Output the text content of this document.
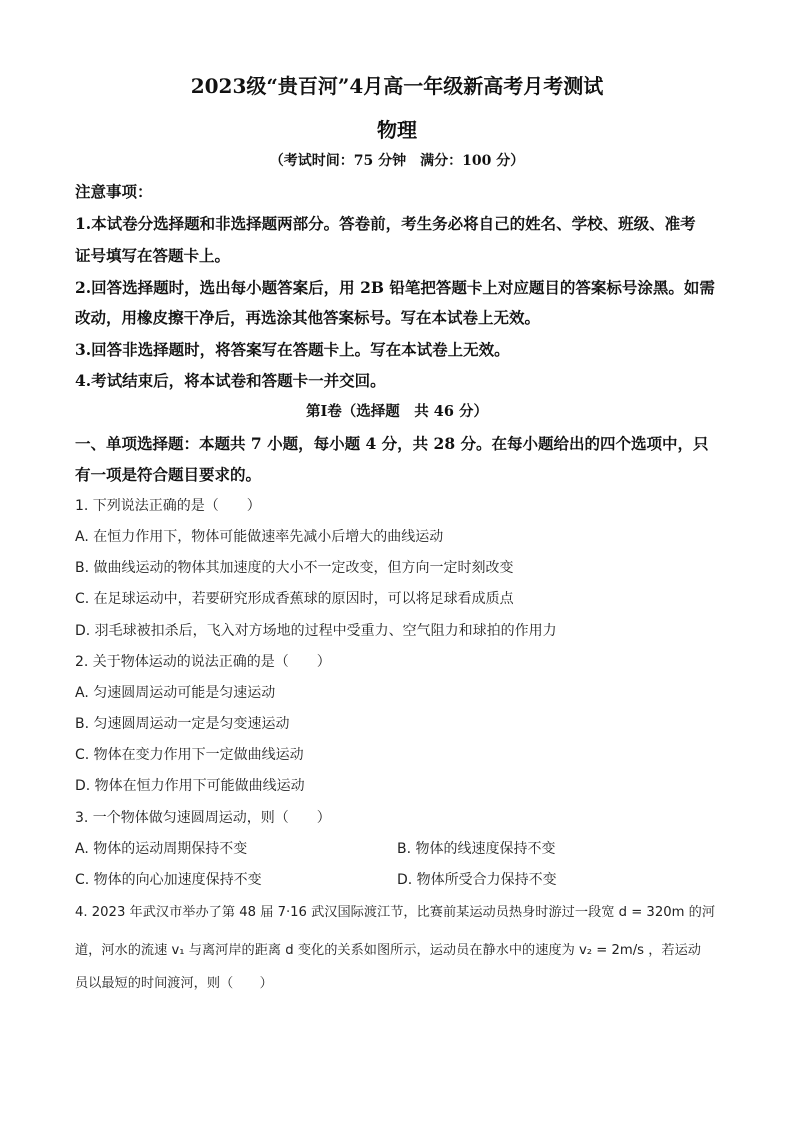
2023级“贵百河”4月高一年级新高考月考测试
物理
（考试时间：75 分钟　满分：100 分）
注意事项：
1.本试卷分选择题和非选择题两部分。答卷前，考生务必将自己的姓名、学校、班级、准考
证号填写在答题卡上。
2.回答选择题时，选出每小题答案后，用 2B 铅笔把答题卡上对应题目的答案标号涂黑。如需
改动，用橡皮擦干净后，再选涂其他答案标号。写在本试卷上无效。
3.回答非选择题时，将答案写在答题卡上。写在本试卷上无效。
4.考试结束后，将本试卷和答题卡一并交回。
第Ⅰ卷（选择题　共 46 分）
一、单项选择题：本题共 7 小题，每小题 4 分，共 28 分。在每小题给出的四个选项中，只
有一项是符合题目要求的。
1. 下列说法正确的是（　　）
A. 在恒力作用下，物体可能做速率先减小后增大的曲线运动
B. 做曲线运动的物体其加速度的大小不一定改变，但方向一定时刻改变
C. 在足球运动中，若要研究形成香蕉球的原因时，可以将足球看成质点
D. 羽毛球被扣杀后，飞入对方场地的过程中受重力、空气阻力和球拍的作用力
2. 关于物体运动的说法正确的是（　　）
A. 匀速圆周运动可能是匀速运动
B. 匀速圆周运动一定是匀变速运动
C. 物体在变力作用下一定做曲线运动
D. 物体在恒力作用下可能做曲线运动
3. 一个物体做匀速圆周运动，则（　　）
A. 物体的运动周期保持不变	B. 物体的线速度保持不变
C. 物体的向心加速度保持不变	D. 物体所受合力保持不变
4. 2023 年武汉市举办了第 48 届 7·16 武汉国际渡江节，比赛前某运动员热身时游过一段宽 d = 320m 的河
道，河水的流速 v₁ 与离河岸的距离 d 变化的关系如图所示，运动员在静水中的速度为 v₂ = 2m/s ，若运动
员以最短的时间渡河，则（　　）
